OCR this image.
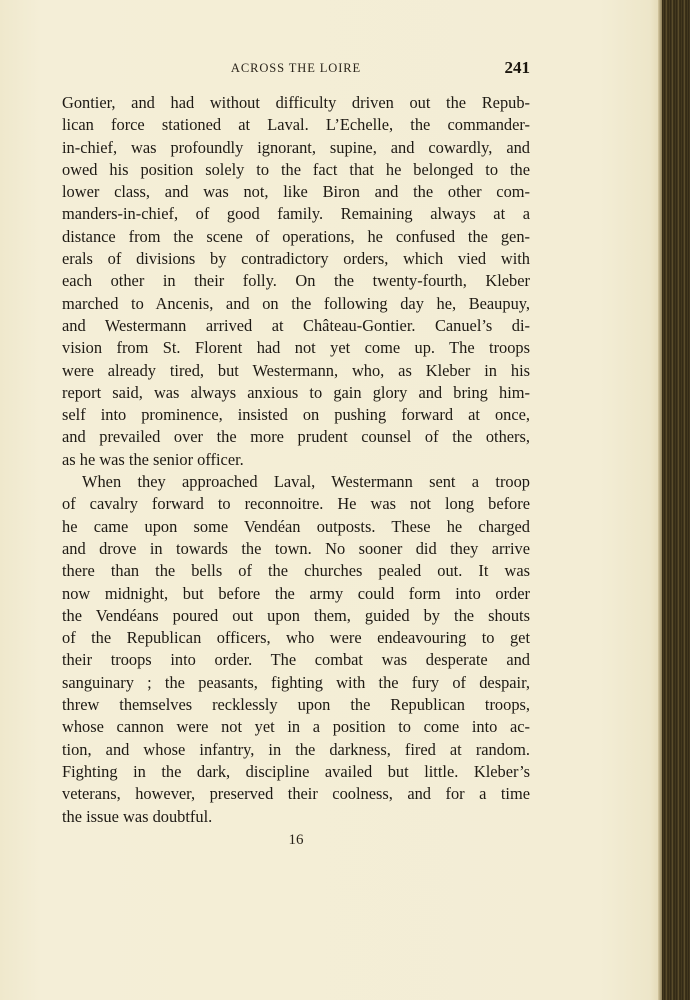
ACROSS THE LOIRE	241
Gontier, and had without difficulty driven out the Repub-
lican force stationed at Laval. L’Echelle, the commander-
in-chief, was profoundly ignorant, supine, and cowardly, and
owed his position solely to the fact that he belonged to the
lower class, and was not, like Biron and the other com-
manders-in-chief, of good family. Remaining always at a
distance from the scene of operations, he confused the gen-
erals of divisions by contradictory orders, which vied with
each other in their folly. On the twenty-fourth, Kleber
marched to Ancenis, and on the following day he, Beaupuy,
and Westermann arrived at Château-Gontier. Canuel’s di-
vision from St. Florent had not yet come up. The troops
were already tired, but Westermann, who, as Kleber in his
report said, was always anxious to gain glory and bring him-
self into prominence, insisted on pushing forward at once,
and prevailed over the more prudent counsel of the others,
as he was the senior officer.
When they approached Laval, Westermann sent a troop
of cavalry forward to reconnoitre. He was not long before
he came upon some Vendéan outposts. These he charged
and drove in towards the town. No sooner did they arrive
there than the bells of the churches pealed out. It was
now midnight, but before the army could form into order
the Vendéans poured out upon them, guided by the shouts
of the Republican officers, who were endeavouring to get
their troops into order. The combat was desperate and
sanguinary ; the peasants, fighting with the fury of despair,
threw themselves recklessly upon the Republican troops,
whose cannon were not yet in a position to come into ac-
tion, and whose infantry, in the darkness, fired at random.
Fighting in the dark, discipline availed but little. Kleber’s
veterans, however, preserved their coolness, and for a time
the issue was doubtful.
16
